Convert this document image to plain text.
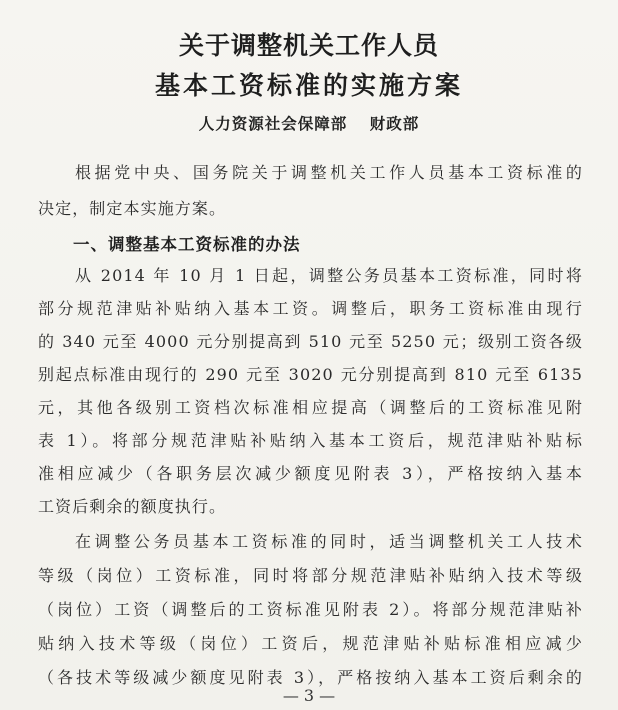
关于调整机关工作人员
基本工资标准的实施方案
人力资源社会保障部 财政部
根据党中央、国务院关于调整机关工作人员基本工资标准的
决定，制定本实施方案。
一、调整基本工资标准的办法
从 2014 年 10 月 1 日起，调整公务员基本工资标准，同时将
部分规范津贴补贴纳入基本工资。调整后，职务工资标准由现行
的 340 元至 4000 元分别提高到 510 元至 5250 元；级别工资各级
别起点标准由现行的 290 元至 3020 元分别提高到 810 元至 6135
元，其他各级别工资档次标准相应提高（调整后的工资标准见附
表 1）。将部分规范津贴补贴纳入基本工资后，规范津贴补贴标
准相应减少（各职务层次减少额度见附表 3），严格按纳入基本
工资后剩余的额度执行。
在调整公务员基本工资标准的同时，适当调整机关工人技术
等级（岗位）工资标准，同时将部分规范津贴补贴纳入技术等级
（岗位）工资（调整后的工资标准见附表 2）。将部分规范津贴补
贴纳入技术等级（岗位）工资后，规范津贴补贴标准相应减少
（各技术等级减少额度见附表 3），严格按纳入基本工资后剩余的
— 3 —
